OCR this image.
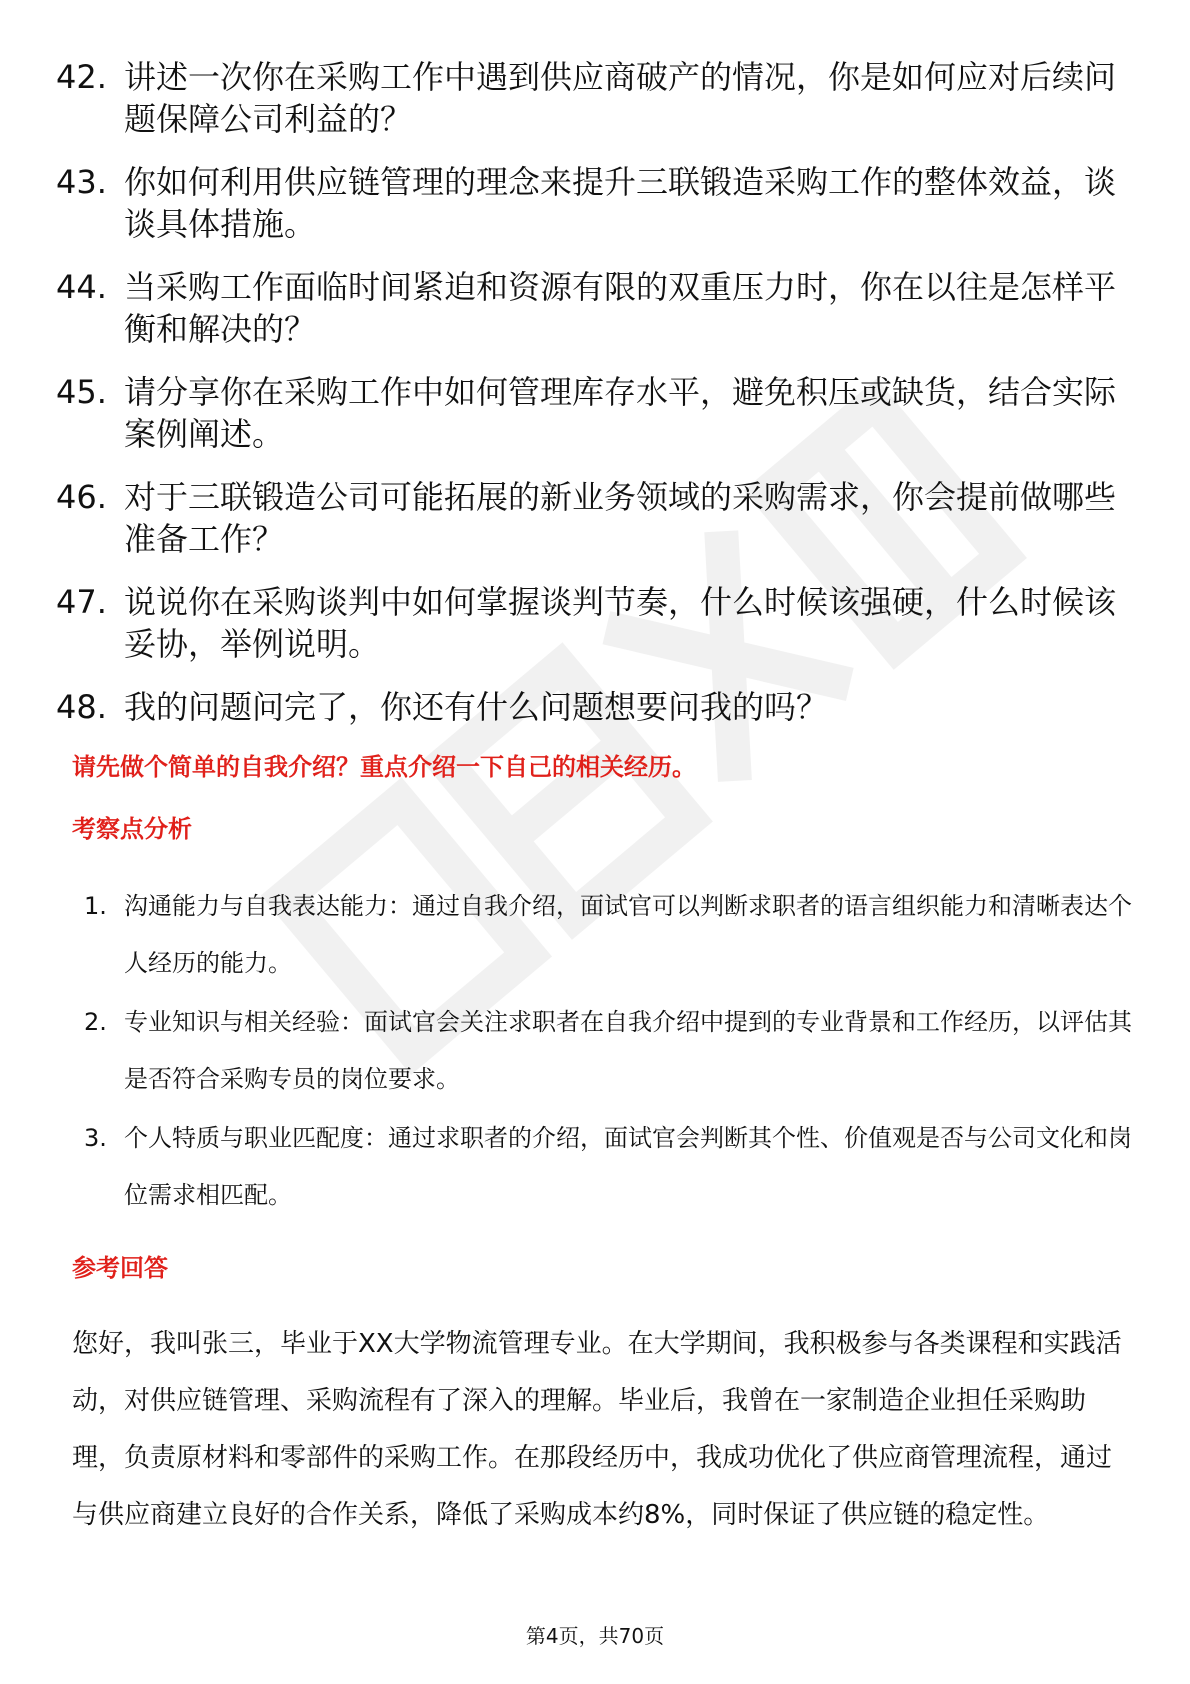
42. 讲述一次你在采购工作中遇到供应商破产的情况，你是如何应对后续问题保障公司利益的？
43. 你如何利用供应链管理的理念来提升三联锻造采购工作的整体效益，谈谈具体措施。
44. 当采购工作面临时间紧迫和资源有限的双重压力时，你在以往是怎样平衡和解决的？
45. 请分享你在采购工作中如何管理库存水平，避免积压或缺货，结合实际案例阐述。
46. 对于三联锻造公司可能拓展的新业务领域的采购需求，你会提前做哪些准备工作？
47. 说说你在采购谈判中如何掌握谈判节奏，什么时候该强硬，什么时候该妥协，举例说明。
48. 我的问题问完了，你还有什么问题想要问我的吗？
请先做个简单的自我介绍？重点介绍一下自己的相关经历。
考察点分析
1. 沟通能力与自我表达能力：通过自我介绍，面试官可以判断求职者的语言组织能力和清晰表达个人经历的能力。
2. 专业知识与相关经验：面试官会关注求职者在自我介绍中提到的专业背景和工作经历，以评估其是否符合采购专员的岗位要求。
3. 个人特质与职业匹配度：通过求职者的介绍，面试官会判断其个性、价值观是否与公司文化和岗位需求相匹配。
参考回答
您好，我叫张三，毕业于XX大学物流管理专业。在大学期间，我积极参与各类课程和实践活动，对供应链管理、采购流程有了深入的理解。毕业后，我曾在一家制造企业担任采购助理，负责原材料和零部件的采购工作。在那段经历中，我成功优化了供应商管理流程，通过与供应商建立良好的合作关系，降低了采购成本约8%，同时保证了供应链的稳定性。
第4页，共70页
